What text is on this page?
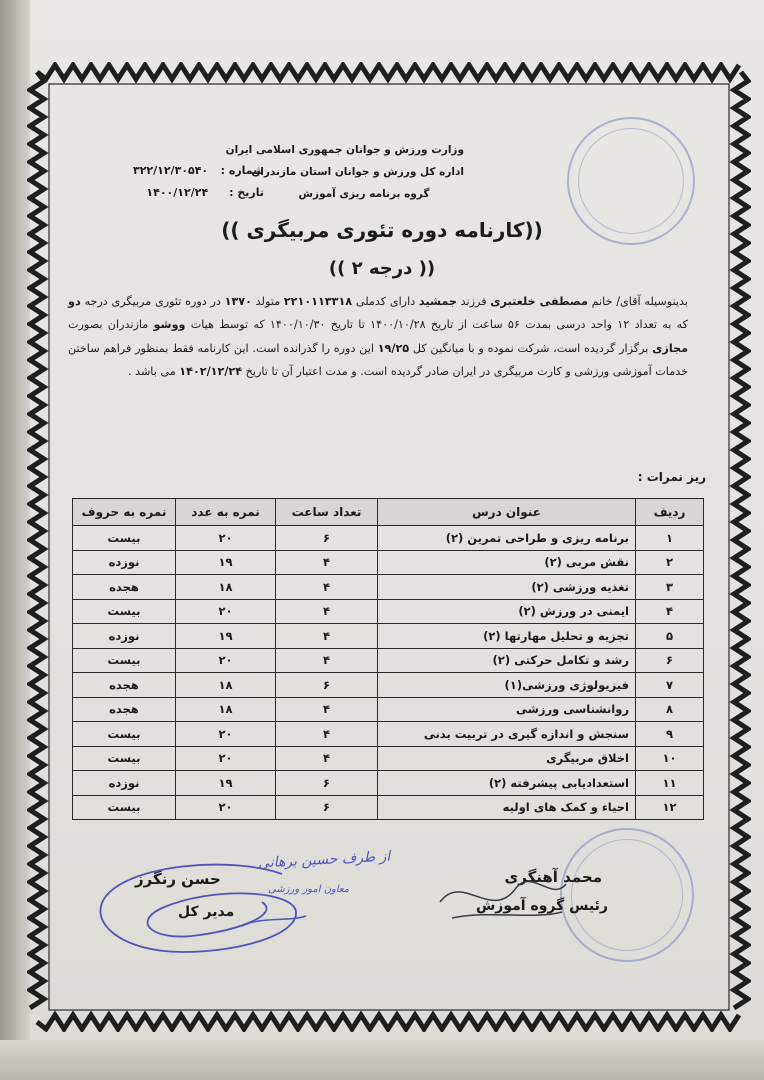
وزارت ورزش و جوانان جمهوری اسلامی ایران
اداره کل ورزش و جوانان استان مازندران
گروه برنامه ریزی آموزش
شماره : ۳۲۲/۱۲/۳۰۵۴۰
تاریخ : ۱۴۰۰/۱۲/۲۴
((کارنامه دوره تئوری مربیگری ))
(( درجه ۲ ))
بدینوسیله آقای/ خانم مصطفی خلعتبری فرزند جمشید دارای کدملی ۲۲۱۰۱۱۳۳۱۸ متولد ۱۳۷۰ در دوره تئوری مربیگری درجه دو که به تعداد ۱۲ واحد درسی بمدت ۵۶ ساعت از تاریخ ۱۴۰۰/۱۰/۲۸ تا تاریخ ۱۴۰۰/۱۰/۳۰ که توسط هیات ووشو مازندران بصورت مجازی برگزار گردیده است، شرکت نموده و با میانگین کل ۱۹/۲۵ این دوره را گذرانده است. این کارنامه فقط بمنظور فراهم ساختن خدمات آموزشی ورزشی و کارت مربیگری در ایران صادر گردیده است. و مدت اعتبار آن تا تاریخ ۱۴۰۲/۱۲/۲۴ می باشد .
ریز نمرات :
ردیف	عنوان درس	تعداد ساعت	نمره به عدد	نمره به حروف
۱	برنامه ریزی و طراحی تمرین (۲)	۶	۲۰	بیست
۲	نقش مربی (۲)	۴	۱۹	نوزده
۳	تغذیه ورزشی (۲)	۴	۱۸	هجده
۴	ایمنی در ورزش (۲)	۴	۲۰	بیست
۵	تجزیه و تحلیل مهارتها (۲)	۴	۱۹	نوزده
۶	رشد و تکامل حرکتی (۲)	۴	۲۰	بیست
۷	فیزیولوژی ورزشی(۱)	۶	۱۸	هجده
۸	روانشناسی ورزشی	۴	۱۸	هجده
۹	سنجش و اندازه گیری در تربیت بدنی	۴	۲۰	بیست
۱۰	اخلاق مربیگری	۴	۲۰	بیست
۱۱	استعدادیابی پیشرفته (۲)	۶	۱۹	نوزده
۱۲	احیاء و کمک های اولیه	۶	۲۰	بیست
محمد آهنگری
رئیس گروه آموزش
حسن رنگرز
مدیر کل
از طرف حسین برهانی
معاون امور ورزشی
